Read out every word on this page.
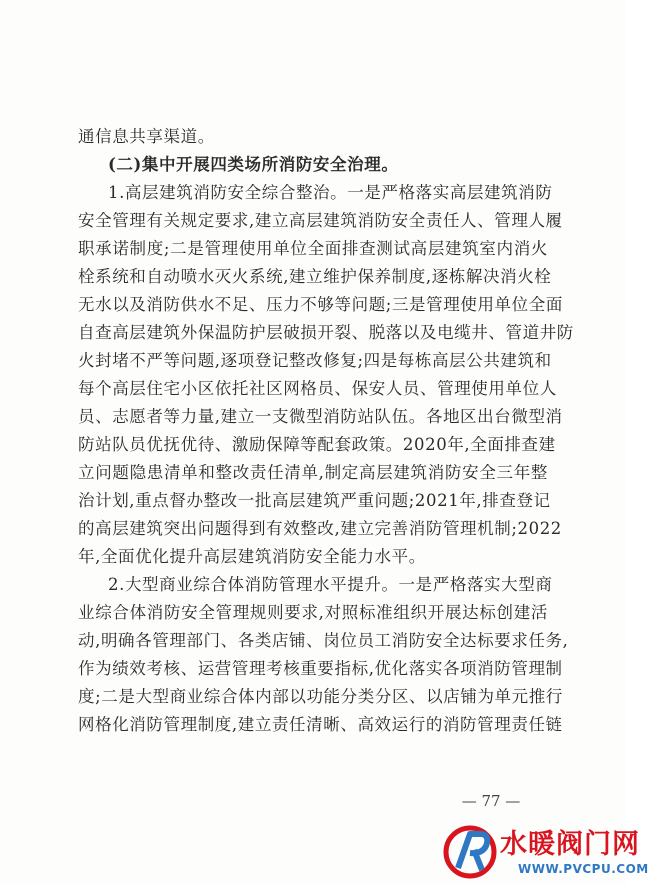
通信息共享渠道。
(二)集中开展四类场所消防安全治理。
1.高层建筑消防安全综合整治。一是严格落实高层建筑消防
安全管理有关规定要求,建立高层建筑消防安全责任人、管理人履
职承诺制度;二是管理使用单位全面排查测试高层建筑室内消火
栓系统和自动喷水灭火系统,建立维护保养制度,逐栋解决消火栓
无水以及消防供水不足、压力不够等问题;三是管理使用单位全面
自查高层建筑外保温防护层破损开裂、脱落以及电缆井、管道井防
火封堵不严等问题,逐项登记整改修复;四是每栋高层公共建筑和
每个高层住宅小区依托社区网格员、保安人员、管理使用单位人
员、志愿者等力量,建立一支微型消防站队伍。各地区出台微型消
防站队员优抚优待、激励保障等配套政策。2020年,全面排查建
立问题隐患清单和整改责任清单,制定高层建筑消防安全三年整
治计划,重点督办整改一批高层建筑严重问题;2021年,排查登记
的高层建筑突出问题得到有效整改,建立完善消防管理机制;2022
年,全面优化提升高层建筑消防安全能力水平。
2.大型商业综合体消防管理水平提升。一是严格落实大型商
业综合体消防安全管理规则要求,对照标准组织开展达标创建活
动,明确各管理部门、各类店铺、岗位员工消防安全达标要求任务,
作为绩效考核、运营管理考核重要指标,优化落实各项消防管理制
度;二是大型商业综合体内部以功能分类分区、以店铺为单元推行
网格化消防管理制度,建立责任清晰、高效运行的消防管理责任链
— 77 —
水暖阀门网
WWW.PVCPU.COM
